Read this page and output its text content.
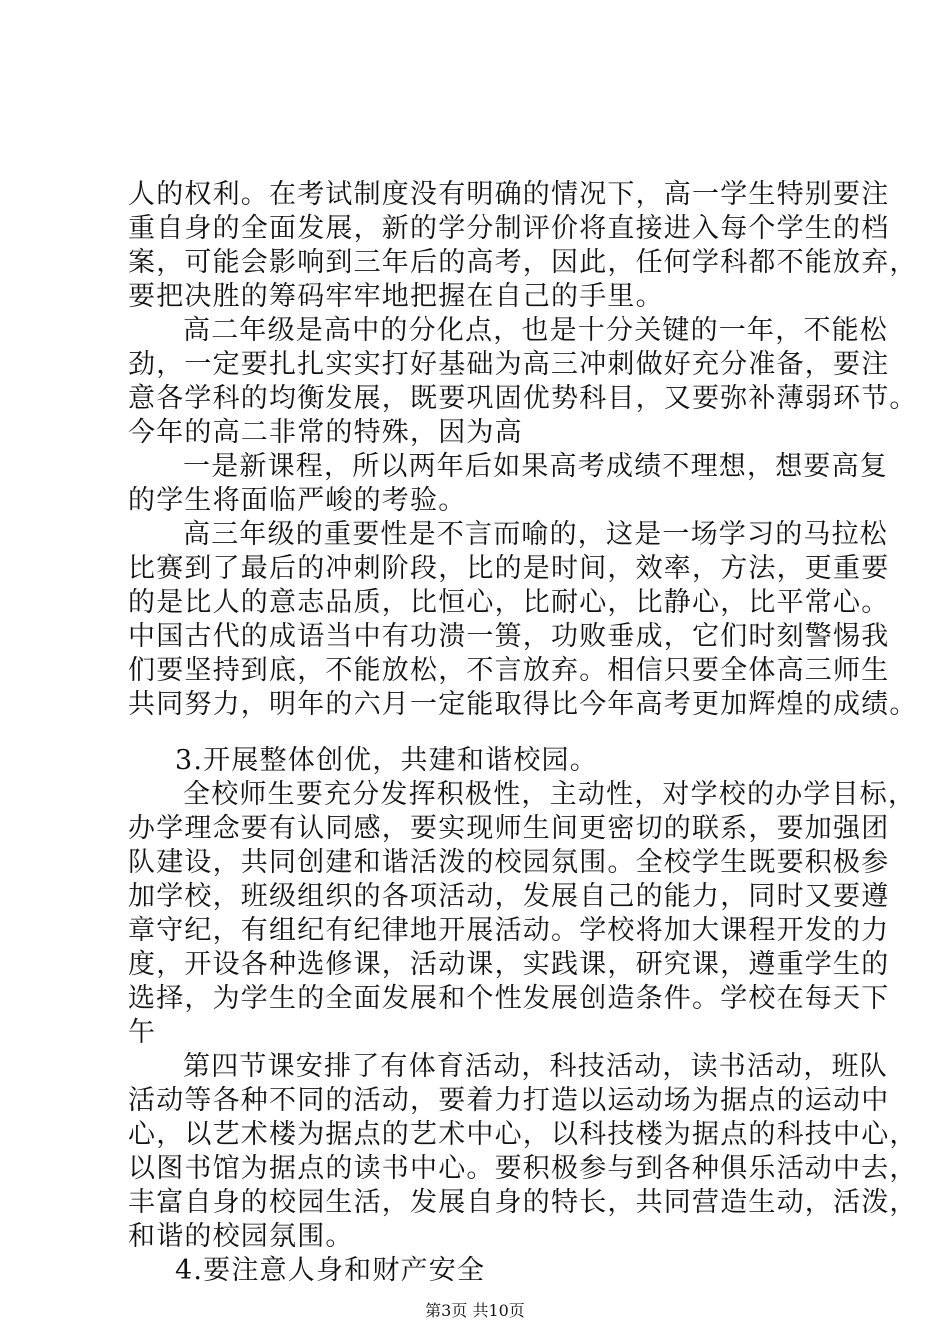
人的权利。在考试制度没有明确的情况下，高一学生特别要注

重自身的全面发展，新的学分制评价将直接进入每个学生的档

案，可能会影响到三年后的高考，因此，任何学科都不能放弃，

要把决胜的筹码牢牢地把握在自己的手里。

高二年级是高中的分化点，也是十分关键的一年，不能松

劲，一定要扎扎实实打好基础为高三冲刺做好充分准备，要注

意各学科的均衡发展，既要巩固优势科目，又要弥补薄弱环节。

今年的高二非常的特殊，因为高

一是新课程，所以两年后如果高考成绩不理想，想要高复

的学生将面临严峻的考验。

高三年级的重要性是不言而喻的，这是一场学习的马拉松

比赛到了最后的冲刺阶段，比的是时间，效率，方法，更重要

的是比人的意志品质，比恒心，比耐心，比静心，比平常心。

中国古代的成语当中有功溃一篑，功败垂成，它们时刻警惕我

们要坚持到底，不能放松，不言放弃。相信只要全体高三师生

共同努力，明年的六月一定能取得比今年高考更加辉煌的成绩。

3.开展整体创优，共建和谐校园。

全校师生要充分发挥积极性，主动性，对学校的办学目标，

办学理念要有认同感，要实现师生间更密切的联系，要加强团

队建设，共同创建和谐活泼的校园氛围。全校学生既要积极参

加学校，班级组织的各项活动，发展自己的能力，同时又要遵

章守纪，有组纪有纪律地开展活动。学校将加大课程开发的力

度，开设各种选修课，活动课，实践课，研究课，遵重学生的

选择，为学生的全面发展和个性发展创造条件。学校在每天下

午

第四节课安排了有体育活动，科技活动，读书活动，班队

活动等各种不同的活动，要着力打造以运动场为据点的运动中

心，以艺术楼为据点的艺术中心，以科技楼为据点的科技中心，

以图书馆为据点的读书中心。要积极参与到各种俱乐活动中去，

丰富自身的校园生活，发展自身的特长，共同营造生动，活泼，

和谐的校园氛围。

4.要注意人身和财产安全

第3页 共10页
